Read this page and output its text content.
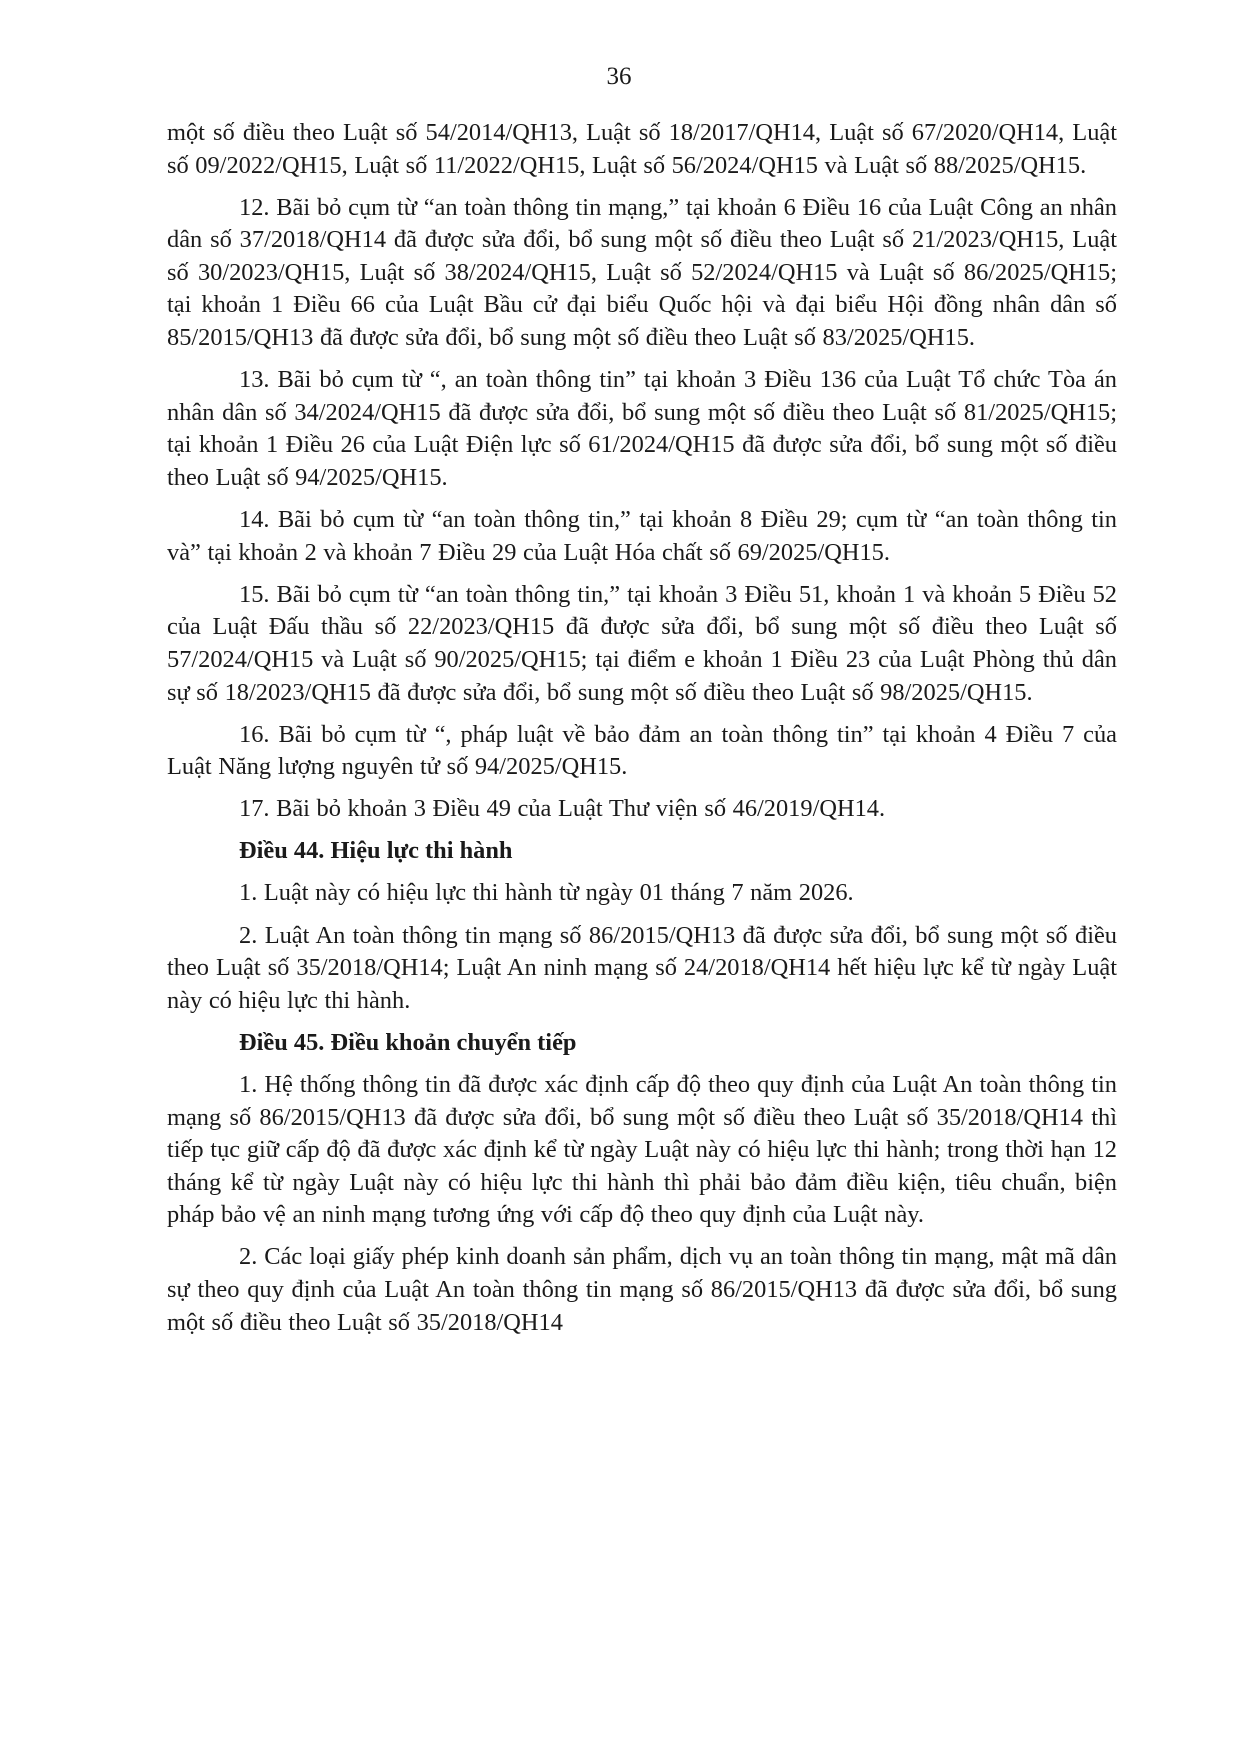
36

một số điều theo Luật số 54/2014/QH13, Luật số 18/2017/QH14, Luật số 67/2020/QH14, Luật số 09/2022/QH15, Luật số 11/2022/QH15, Luật số 56/2024/QH15 và Luật số 88/2025/QH15.

12. Bãi bỏ cụm từ “an toàn thông tin mạng,” tại khoản 6 Điều 16 của Luật Công an nhân dân số 37/2018/QH14 đã được sửa đổi, bổ sung một số điều theo Luật số 21/2023/QH15, Luật số 30/2023/QH15, Luật số 38/2024/QH15, Luật số 52/2024/QH15 và Luật số 86/2025/QH15; tại khoản 1 Điều 66 của Luật Bầu cử đại biểu Quốc hội và đại biểu Hội đồng nhân dân số 85/2015/QH13 đã được sửa đổi, bổ sung một số điều theo Luật số 83/2025/QH15.

13. Bãi bỏ cụm từ “, an toàn thông tin” tại khoản 3 Điều 136 của Luật Tổ chức Tòa án nhân dân số 34/2024/QH15 đã được sửa đổi, bổ sung một số điều theo Luật số 81/2025/QH15; tại khoản 1 Điều 26 của Luật Điện lực số 61/2024/QH15 đã được sửa đổi, bổ sung một số điều theo Luật số 94/2025/QH15.

14. Bãi bỏ cụm từ “an toàn thông tin,” tại khoản 8 Điều 29; cụm từ “an toàn thông tin và” tại khoản 2 và khoản 7 Điều 29 của Luật Hóa chất số 69/2025/QH15.

15. Bãi bỏ cụm từ “an toàn thông tin,” tại khoản 3 Điều 51, khoản 1 và khoản 5 Điều 52 của Luật Đấu thầu số 22/2023/QH15 đã được sửa đổi, bổ sung một số điều theo Luật số 57/2024/QH15 và Luật số 90/2025/QH15; tại điểm e khoản 1 Điều 23 của Luật Phòng thủ dân sự số 18/2023/QH15 đã được sửa đổi, bổ sung một số điều theo Luật số 98/2025/QH15.

16. Bãi bỏ cụm từ “, pháp luật về bảo đảm an toàn thông tin” tại khoản 4 Điều 7 của Luật Năng lượng nguyên tử số 94/2025/QH15.

17. Bãi bỏ khoản 3 Điều 49 của Luật Thư viện số 46/2019/QH14.

Điều 44. Hiệu lực thi hành

1. Luật này có hiệu lực thi hành từ ngày 01 tháng 7 năm 2026.

2. Luật An toàn thông tin mạng số 86/2015/QH13 đã được sửa đổi, bổ sung một số điều theo Luật số 35/2018/QH14; Luật An ninh mạng số 24/2018/QH14 hết hiệu lực kể từ ngày Luật này có hiệu lực thi hành.

Điều 45. Điều khoản chuyển tiếp

1. Hệ thống thông tin đã được xác định cấp độ theo quy định của Luật An toàn thông tin mạng số 86/2015/QH13 đã được sửa đổi, bổ sung một số điều theo Luật số 35/2018/QH14 thì tiếp tục giữ cấp độ đã được xác định kể từ ngày Luật này có hiệu lực thi hành; trong thời hạn 12 tháng kể từ ngày Luật này có hiệu lực thi hành thì phải bảo đảm điều kiện, tiêu chuẩn, biện pháp bảo vệ an ninh mạng tương ứng với cấp độ theo quy định của Luật này.

2. Các loại giấy phép kinh doanh sản phẩm, dịch vụ an toàn thông tin mạng, mật mã dân sự theo quy định của Luật An toàn thông tin mạng số 86/2015/QH13 đã được sửa đổi, bổ sung một số điều theo Luật số 35/2018/QH14
